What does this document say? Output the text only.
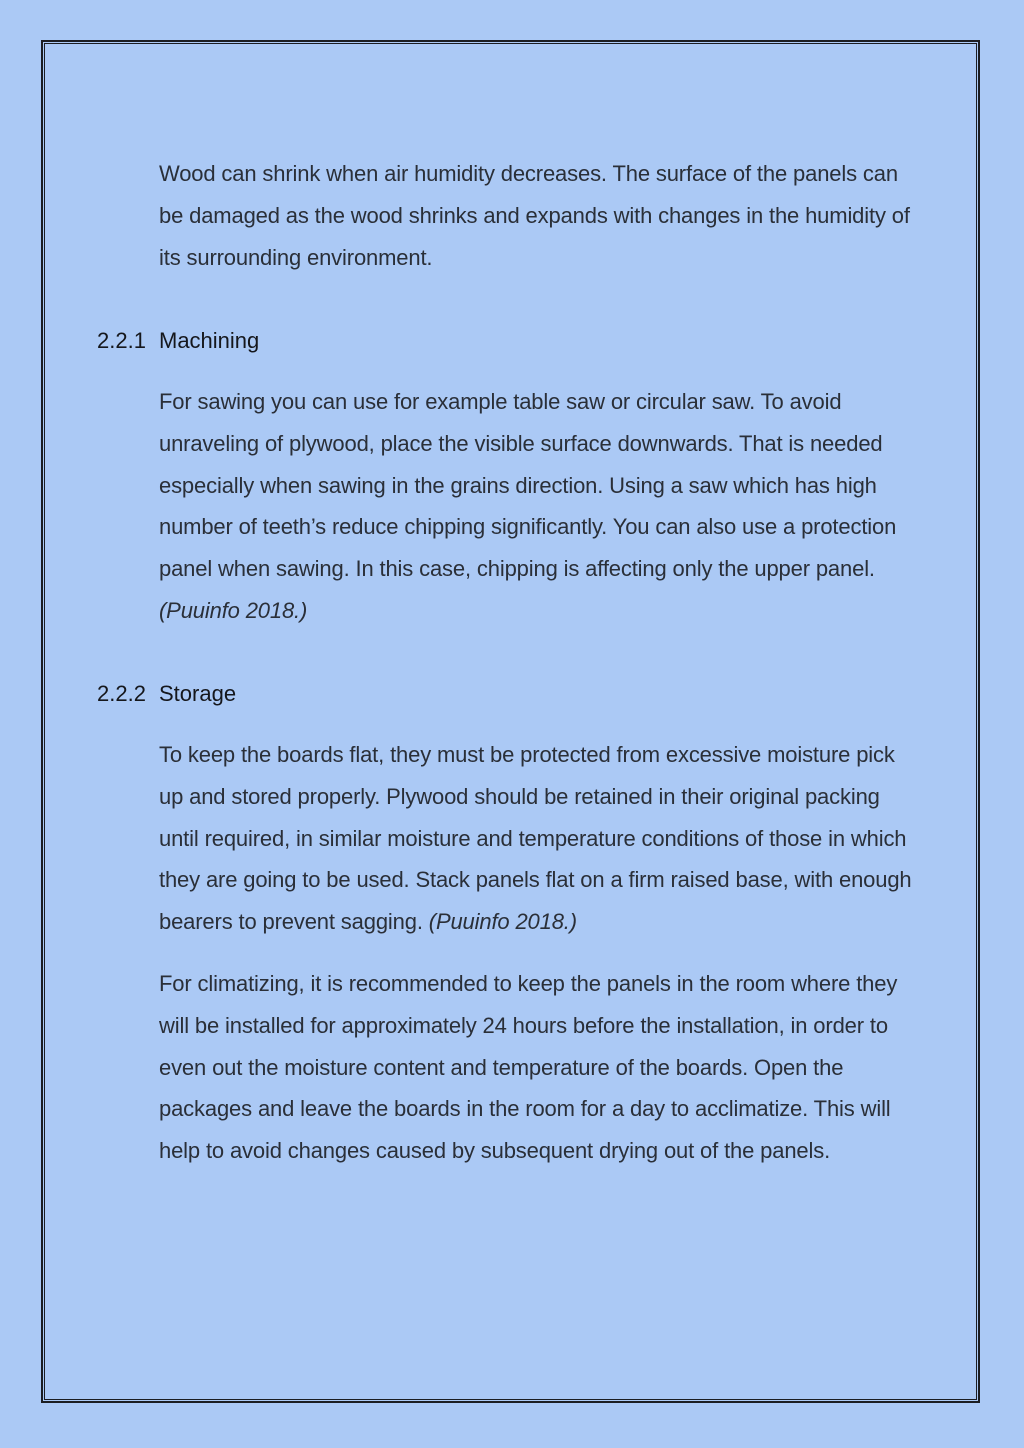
Wood can shrink when air humidity decreases. The surface of the panels can be damaged as the wood shrinks and expands with changes in the humidity of its surrounding environment.

2.2.1 Machining

For sawing you can use for example table saw or circular saw. To avoid unraveling of plywood, place the visible surface downwards. That is needed especially when sawing in the grains direction. Using a saw which has high number of teeth’s reduce chipping significantly. You can also use a protection panel when sawing. In this case, chipping is affecting only the upper panel. (Puuinfo 2018.)

2.2.2 Storage

To keep the boards flat, they must be protected from excessive moisture pick up and stored properly. Plywood should be retained in their original packing until required, in similar moisture and temperature conditions of those in which they are going to be used. Stack panels flat on a firm raised base, with enough bearers to prevent sagging. (Puuinfo 2018.)

For climatizing, it is recommended to keep the panels in the room where they will be installed for approximately 24 hours before the installation, in order to even out the moisture content and temperature of the boards. Open the packages and leave the boards in the room for a day to acclimatize. This will help to avoid changes caused by subsequent drying out of the panels.
